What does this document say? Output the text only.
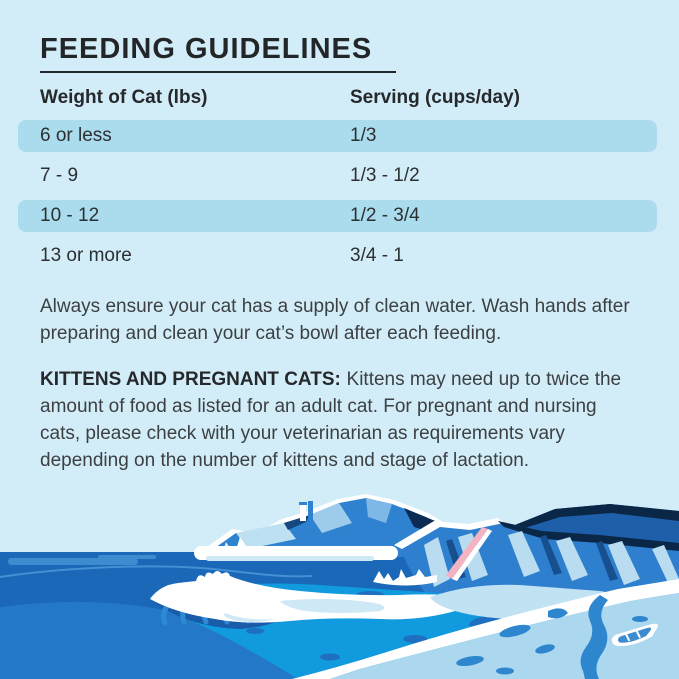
FEEDING GUIDELINES
Weight of Cat (lbs)	Serving (cups/day)
6 or less	1/3
7 - 9	1/3 - 1/2
10 - 12	1/2 - 3/4
13 or more	3/4 - 1

Always ensure your cat has a supply of clean water. Wash hands after preparing and clean your cat’s bowl after each feeding.

KITTENS AND PREGNANT CATS: Kittens may need up to twice the amount of food as listed for an adult cat. For pregnant and nursing cats, please check with your veterinarian as requirements vary depending on the number of kittens and stage of lactation.
